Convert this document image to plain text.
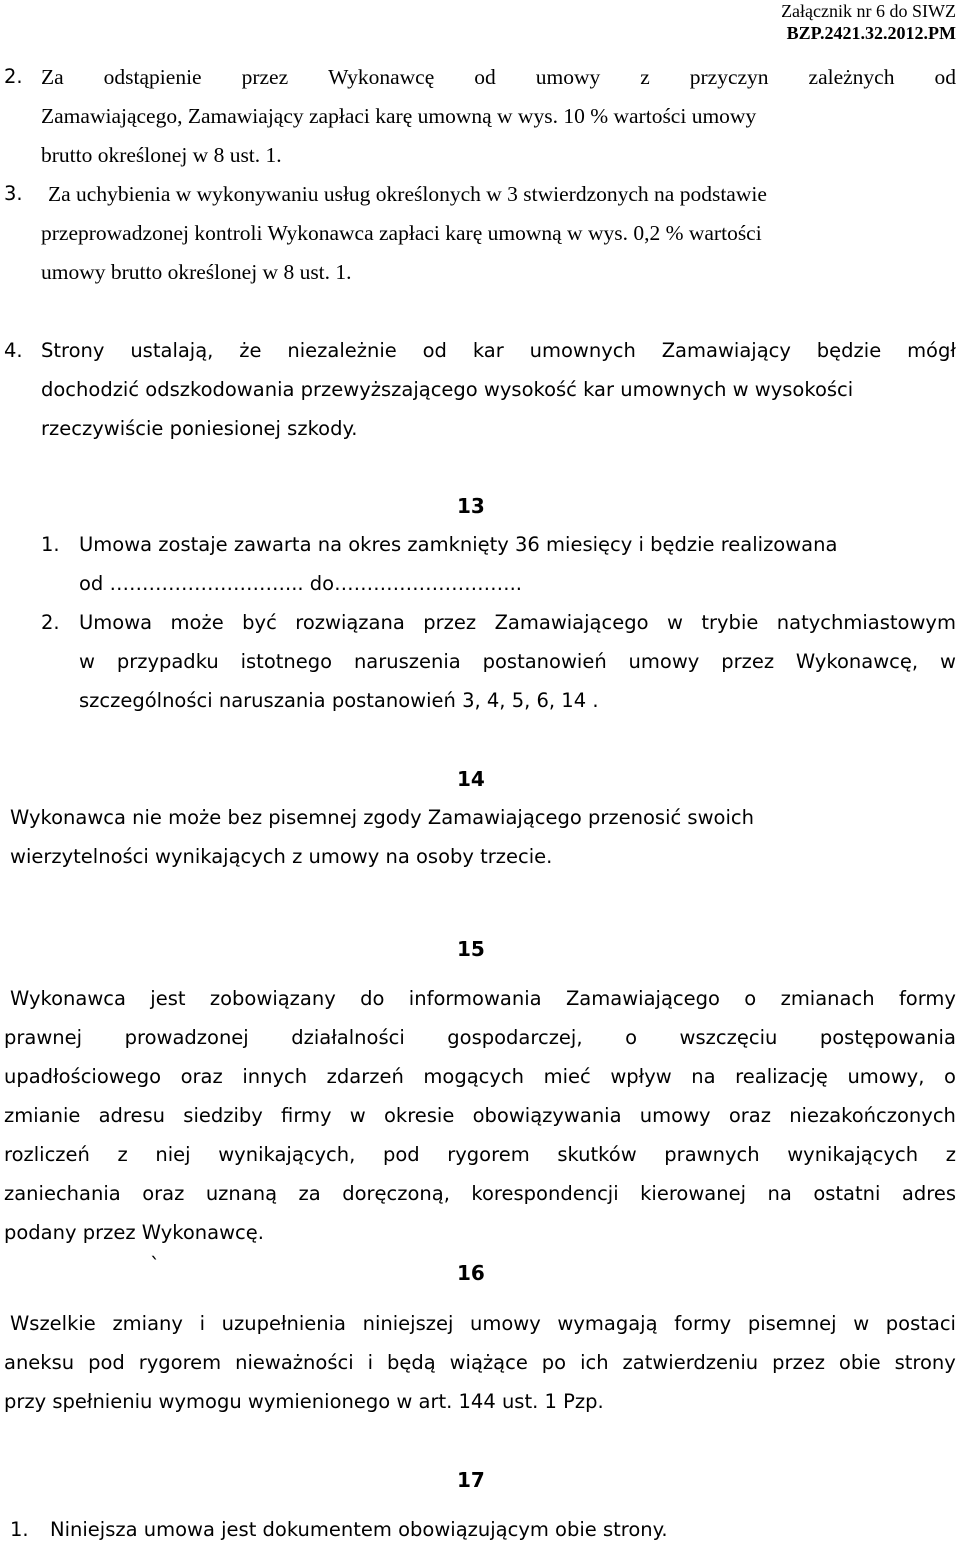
Załącznik nr 6 do SIWZ
BZP.2421.32.2012.PM
2. Za odstąpienie przez Wykonawcę od umowy z przyczyn zależnych od
Zamawiającego, Zamawiający zapłaci karę umowną w wys. 10 % wartości umowy
brutto określonej w 8 ust. 1.
3. Za uchybienia w wykonywaniu usług określonych w 3 stwierdzonych na podstawie
przeprowadzonej kontroli Wykonawca zapłaci karę umowną w wys. 0,2 % wartości
umowy brutto określonej w 8 ust. 1.
4. Strony ustalają, że niezależnie od kar umownych Zamawiający będzie mógł
dochodzić odszkodowania przewyższającego wysokość kar umownych w wysokości
rzeczywiście poniesionej szkody.
13
1. Umowa zostaje zawarta na okres zamknięty 36 miesięcy i będzie realizowana
od ………………………... do………………………..
2. Umowa może być rozwiązana przez Zamawiającego w trybie natychmiastowym
w przypadku istotnego naruszenia postanowień umowy przez Wykonawcę, w
szczególności naruszania postanowień 3, 4, 5, 6, 14 .
14
Wykonawca nie może bez pisemnej zgody Zamawiającego przenosić swoich
wierzytelności wynikających z umowy na osoby trzecie.
15
Wykonawca jest zobowiązany do informowania Zamawiającego o zmianach formy
prawnej prowadzonej działalności gospodarczej, o wszczęciu postępowania
upadłościowego oraz innych zdarzeń mogących mieć wpływ na realizację umowy, o
zmianie adresu siedziby firmy w okresie obowiązywania umowy oraz niezakończonych
rozliczeń z niej wynikających, pod rygorem skutków prawnych wynikających z
zaniechania oraz uznaną za doręczoną, korespondencji kierowanej na ostatni adres
podany przez Wykonawcę.
`	16
Wszelkie zmiany i uzupełnienia niniejszej umowy wymagają formy pisemnej w postaci
aneksu pod rygorem nieważności i będą wiążące po ich zatwierdzeniu przez obie strony
przy spełnieniu wymogu wymienionego w art. 144 ust. 1 Pzp.
17
1. Niniejsza umowa jest dokumentem obowiązującym obie strony.
